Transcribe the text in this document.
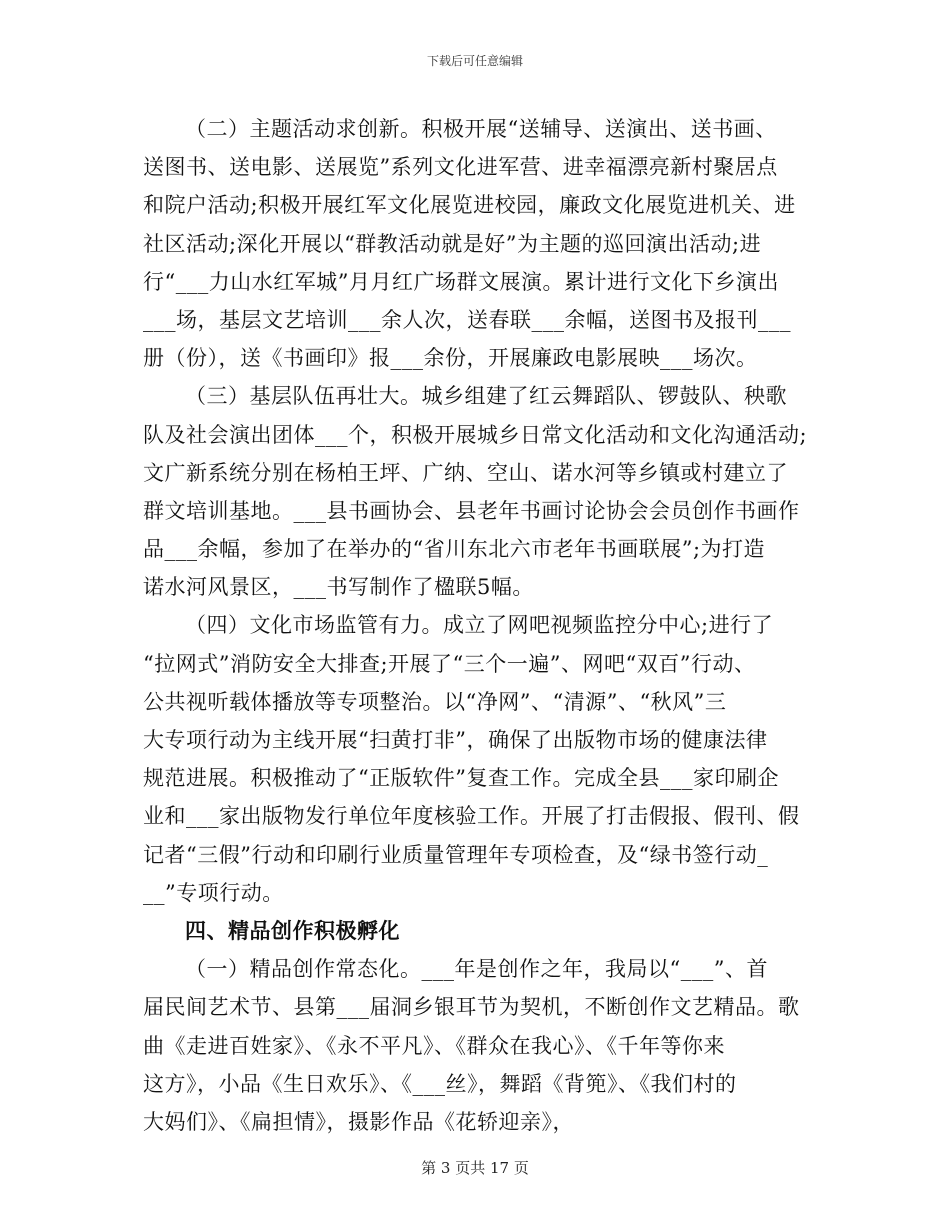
下载后可任意编辑
（二）主题活动求创新。积极开展“送辅导、送演出、送书画、
送图书、送电影、送展览”系列文化进军营、进幸福漂亮新村聚居点
和院户活动;积极开展红军文化展览进校园，廉政文化展览进机关、进
社区活动;深化开展以“群教活动就是好”为主题的巡回演出活动;进
行“___力山水红军城”月月红广场群文展演。累计进行文化下乡演出
___场，基层文艺培训___余人次，送春联___余幅，送图书及报刊___
册（份），送《书画印》报___余份，开展廉政电影展映___场次。
（三）基层队伍再壮大。城乡组建了红云舞蹈队、锣鼓队、秧歌
队及社会演出团体___个，积极开展城乡日常文化活动和文化沟通活动;
文广新系统分别在杨柏王坪、广纳、空山、诺水河等乡镇或村建立了
群文培训基地。___县书画协会、县老年书画讨论协会会员创作书画作
品___余幅，参加了在举办的“省川东北六市老年书画联展”;为打造
诺水河风景区，___书写制作了楹联5幅。
（四）文化市场监管有力。成立了网吧视频监控分中心;进行了
“拉网式”消防安全大排查;开展了“三个一遍”、网吧“双百”行动、
公共视听载体播放等专项整治。以“净网”、“清源”、“秋风”三
大专项行动为主线开展“扫黄打非”，确保了出版物市场的健康法律
规范进展。积极推动了“正版软件”复查工作。完成全县___家印刷企
业和___家出版物发行单位年度核验工作。开展了打击假报、假刊、假
记者“三假”行动和印刷行业质量管理年专项检查，及“绿书签行动_
__”专项行动。
四、精品创作积极孵化
（一）精品创作常态化。___年是创作之年，我局以“___”、首
届民间艺术节、县第___届洞乡银耳节为契机，不断创作文艺精品。歌
曲《走进百姓家》、《永不平凡》、《群众在我心》、《千年等你来
这方》，小品《生日欢乐》、《___丝》，舞蹈《背篼》、《我们村的
大妈们》、《扁担情》，摄影作品《花轿迎亲》，
第 3 页共 17 页
